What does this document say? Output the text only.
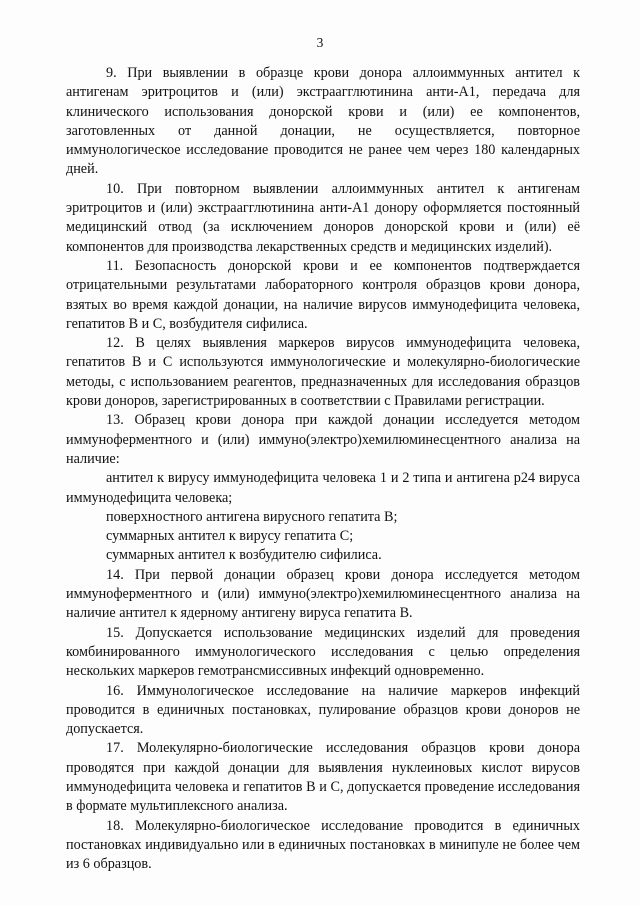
3

9. При выявлении в образце крови донора аллоиммунных антител к антигенам эритроцитов и (или) экстраагглютинина анти-А1, передача для клинического использования донорской крови и (или) ее компонентов, заготовленных от данной донации, не осуществляется, повторное иммунологическое исследование проводится не ранее чем через 180 календарных дней.

10. При повторном выявлении аллоиммунных антител к антигенам эритроцитов и (или) экстраагглютинина анти-А1 донору оформляется постоянный медицинский отвод (за исключением доноров донорской крови и (или) её компонентов для производства лекарственных средств и медицинских изделий).

11. Безопасность донорской крови и ее компонентов подтверждается отрицательными результатами лабораторного контроля образцов крови донора, взятых во время каждой донации, на наличие вирусов иммунодефицита человека, гепатитов В и С, возбудителя сифилиса.

12. В целях выявления маркеров вирусов иммунодефицита человека, гепатитов В и С используются иммунологические и молекулярно-биологические методы, с использованием реагентов, предназначенных для исследования образцов крови доноров, зарегистрированных в соответствии с Правилами регистрации.

13. Образец крови донора при каждой донации исследуется методом иммуноферментного и (или) иммуно(электро)хемилюминесцентного анализа на наличие:

антител к вирусу иммунодефицита человека 1 и 2 типа и антигена р24 вируса иммунодефицита человека;

поверхностного антигена вирусного гепатита В;

суммарных антител к вирусу гепатита С;

суммарных антител к возбудителю сифилиса.

14. При первой донации образец крови донора исследуется методом иммуноферментного и (или) иммуно(электро)хемилюминесцентного анализа на наличие антител к ядерному антигену вируса гепатита В.

15. Допускается использование медицинских изделий для проведения комбинированного иммунологического исследования с целью определения нескольких маркеров гемотрансмиссивных инфекций одновременно.

16. Иммунологическое исследование на наличие маркеров инфекций проводится в единичных постановках, пулирование образцов крови доноров не допускается.

17. Молекулярно-биологические исследования образцов крови донора проводятся при каждой донации для выявления нуклеиновых кислот вирусов иммунодефицита человека и гепатитов В и С, допускается проведение исследования в формате мультиплексного анализа.

18. Молекулярно-биологическое исследование проводится в единичных постановках индивидуально или в единичных постановках в минипуле не более чем из 6 образцов.
